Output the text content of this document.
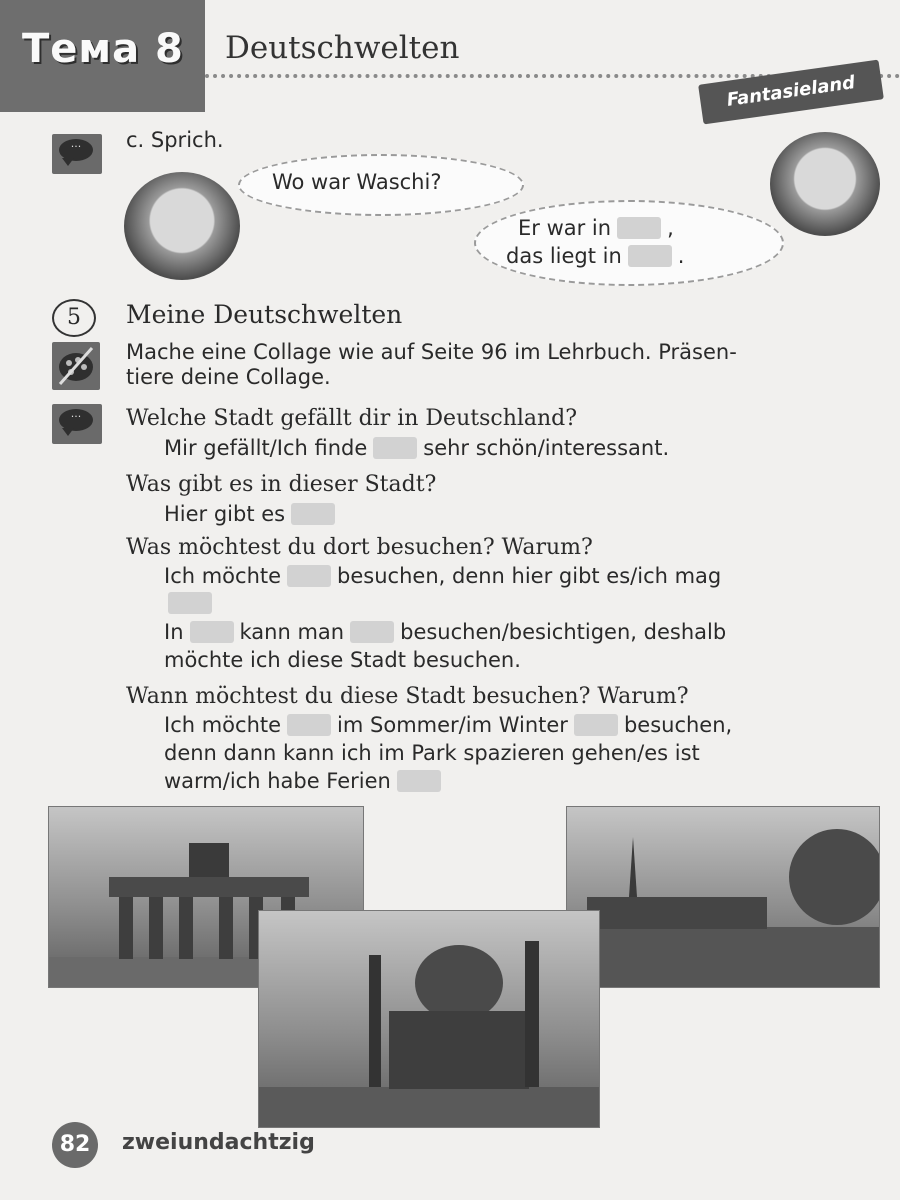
Тема 8 Deutschwelten
Fantasieland
···	c. Sprich.
Wo war Waschi?
Er war in	,
das liegt in	.
5	Meine Deutschwelten
Mache eine Collage wie auf Seite 96 im Lehrbuch. Präsen-
tiere deine Collage.
···	Welche Stadt gefällt dir in Deutschland?
Mir gefällt/Ich finde	sehr schön/interessant.
Was gibt es in dieser Stadt?
Hier gibt es
Was möchtest du dort besuchen? Warum?
Ich möchte	besuchen, denn hier gibt es/ich mag
In	kann man	besuchen/besichtigen, deshalb
möchte ich diese Stadt besuchen.
Wann möchtest du diese Stadt besuchen? Warum?
Ich möchte	im Sommer/im Winter	besuchen,
denn dann kann ich im Park spazieren gehen/es ist
warm/ich habe Ferien
82	zweiundachtzig
